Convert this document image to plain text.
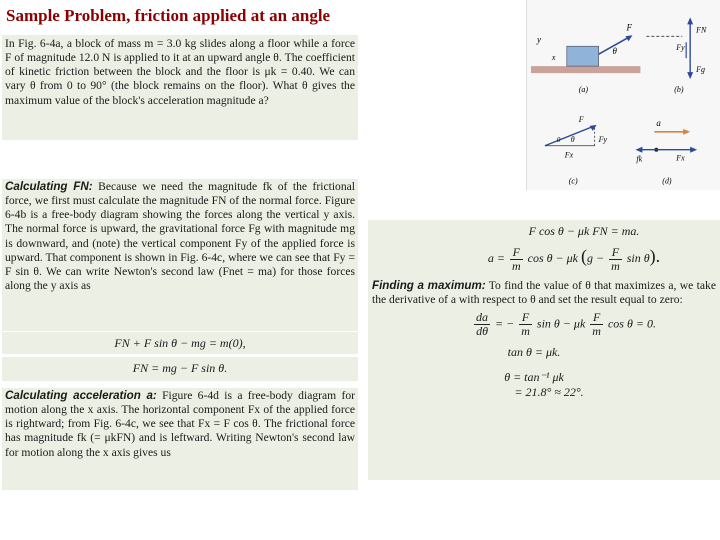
Sample Problem, friction applied at an angle

In Fig. 6-4a, a block of mass m = 3.0 kg slides along a floor while a force F of magnitude 12.0 N is applied to it at an upward angle θ. The coefficient of kinetic friction between the block and the floor is μk = 0.40. We can vary θ from 0 to 90° (the block remains on the floor). What θ gives the maximum value of the block's acceleration magnitude a?

Calculating FN: Because we need the magnitude fk of the frictional force, we first must calculate the magnitude FN of the normal force. Figure 6-4b is a free-body diagram showing the forces along the vertical y axis. The normal force is upward, the gravitational force Fg with magnitude mg is downward, and (note) the vertical component Fy of the applied force is upward. That component is shown in Fig. 6-4c, where we can see that Fy = F sin θ. We can write Newton's second law (Fnet = ma) for those forces along the y axis as

FN + F sin θ − mg = m(0),
FN = mg − F sin θ.

Calculating acceleration a: Figure 6-4d is a free-body diagram for motion along the x axis. The horizontal component Fx of the applied force is rightward; from Fig. 6-4c, we see that Fx = F cos θ. The frictional force has magnitude fk (= μkFN) and is leftward. Writing Newton's second law for motion along the x axis gives us

y
x
F
θ
(a)
FN
Fy
Fg
(b)
F
θ	Fy
Fx
0
(c)
a
Fx
fk
(d)
F cos θ − μk FN = ma.
$a = \frac{F}{m}$ cos θ − μk ($g - \frac{F}{m}$ sin θ).

Finding a maximum: To find the value of θ that maximizes a, we take the derivative of a with respect to θ and set the result equal to zero:

$\frac{da}{d\theta}$ = − $\frac{F}{m}$ sin θ − μk $\frac{F}{m}$ cos θ = 0.
tan θ = μk.
θ = tan⁻¹ μk
= 21.8° ≈ 22°.
